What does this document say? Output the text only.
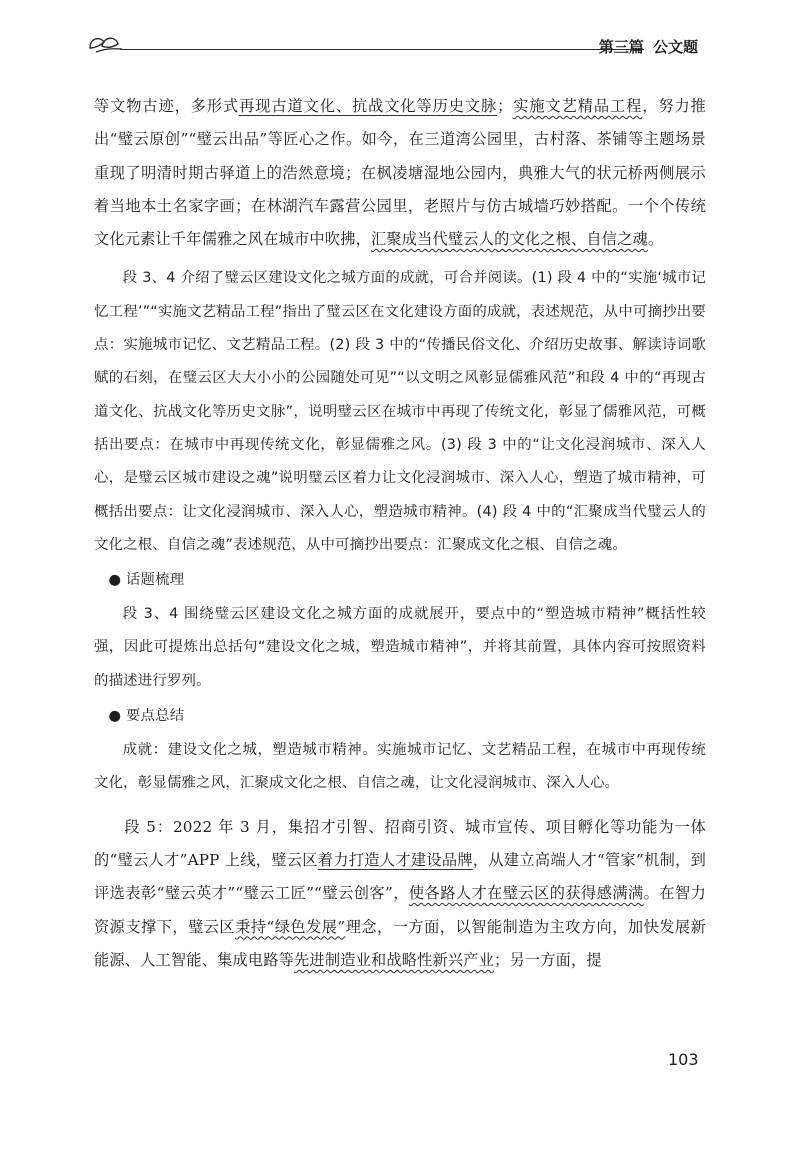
第三篇 公文题

等文物古迹，多形式再现古道文化、抗战文化等历史文脉；实施文艺精品工程，努力推出“璧云原创”“璧云出品”等匠心之作。如今，在三道湾公园里，古村落、茶铺等主题场景重现了明清时期古驿道上的浩然意境；在枫凌塘湿地公园内，典雅大气的状元桥两侧展示着当地本土名家字画；在林湖汽车露营公园里，老照片与仿古城墙巧妙搭配。一个个传统文化元素让千年儒雅之风在城市中吹拂，汇聚成当代璧云人的文化之根、自信之魂。

段 3、4 介绍了璧云区建设文化之城方面的成就，可合并阅读。(1) 段 4 中的“实施‘城市记忆工程’”“实施文艺精品工程”指出了璧云区在文化建设方面的成就，表述规范，从中可摘抄出要点：实施城市记忆、文艺精品工程。(2) 段 3 中的“传播民俗文化、介绍历史故事、解读诗词歌赋的石刻，在璧云区大大小小的公园随处可见”“以文明之风彰显儒雅风范”和段 4 中的“再现古道文化、抗战文化等历史文脉”，说明璧云区在城市中再现了传统文化，彰显了儒雅风范，可概括出要点：在城市中再现传统文化，彰显儒雅之风。(3) 段 3 中的“让文化浸润城市、深入人心，是璧云区城市建设之魂”说明璧云区着力让文化浸润城市、深入人心，塑造了城市精神，可概括出要点：让文化浸润城市、深入人心，塑造城市精神。(4) 段 4 中的“汇聚成当代璧云人的文化之根、自信之魂”表述规范，从中可摘抄出要点：汇聚成文化之根、自信之魂。

● 话题梳理

段 3、4 围绕璧云区建设文化之城方面的成就展开，要点中的“塑造城市精神”概括性较强，因此可提炼出总括句“建设文化之城，塑造城市精神”，并将其前置，具体内容可按照资料的描述进行罗列。

● 要点总结

成就：建设文化之城，塑造城市精神。实施城市记忆、文艺精品工程，在城市中再现传统文化，彰显儒雅之风，汇聚成文化之根、自信之魂，让文化浸润城市、深入人心。

段 5：2022 年 3 月，集招才引智、招商引资、城市宣传、项目孵化等功能为一体的“璧云人才”APP 上线，璧云区着力打造人才建设品牌，从建立高端人才“管家”机制，到评选表彰“璧云英才”“璧云工匠”“璧云创客”，使各路人才在璧云区的获得感满满。在智力资源支撑下，璧云区秉持“绿色发展”理念，一方面，以智能制造为主攻方向，加快发展新能源、人工智能、集成电路等先进制造业和战略性新兴产业；另一方面，提

103
